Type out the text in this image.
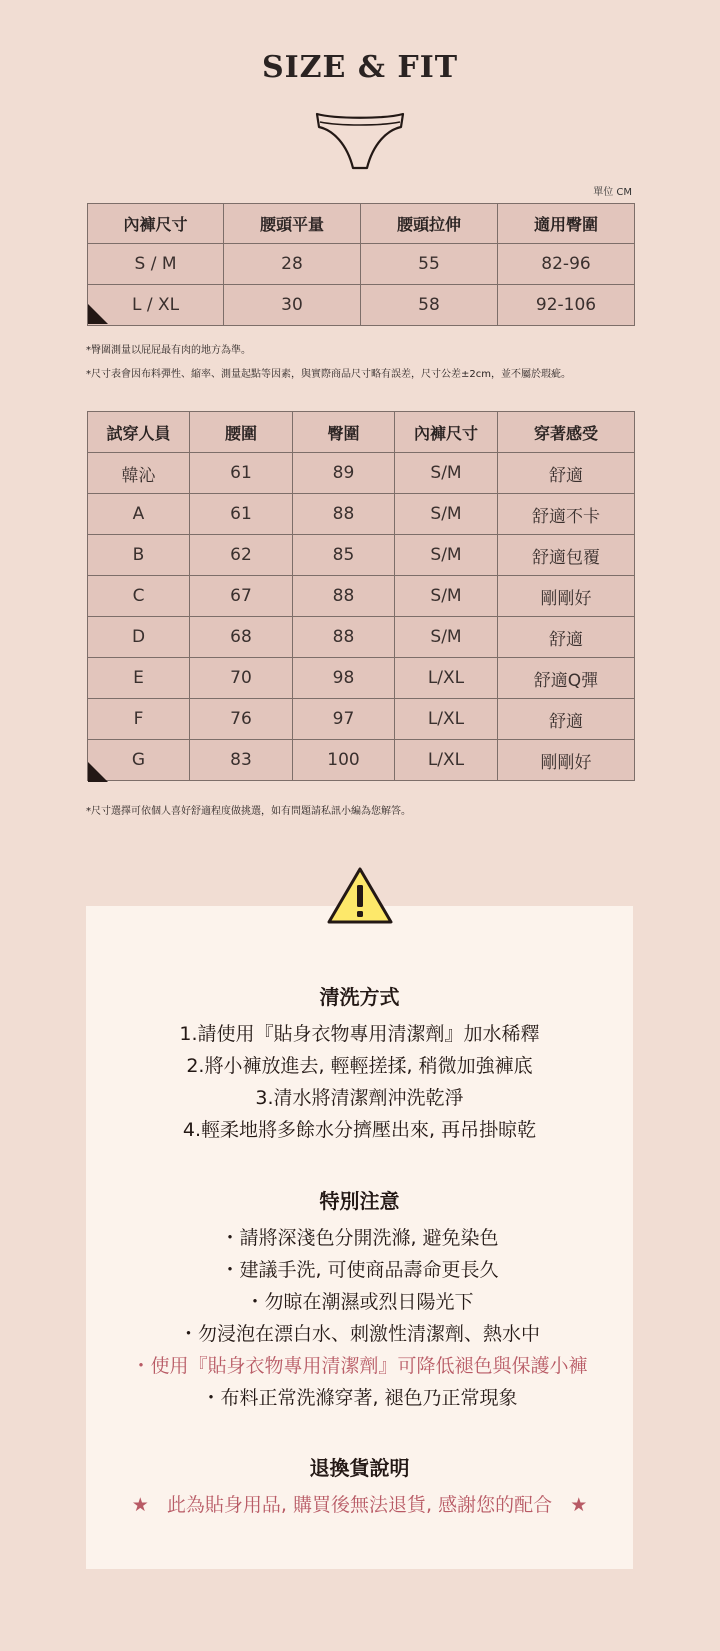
SIZE & FIT
單位 CM
內褲尺寸	腰頭平量	腰頭拉伸	適用臀圍
S / M	28	55	82-96
L / XL	30	58	92-106
*臀圍測量以屁屁最有肉的地方為準。
*尺寸表會因布料彈性、縮率、測量起點等因素，與實際商品尺寸略有誤差，尺寸公差±2cm，並不屬於瑕疵。
試穿人員	腰圍	臀圍	內褲尺寸	穿著感受
韓沁	61	89	S/M	舒適
A	61	88	S/M	舒適不卡
B	62	85	S/M	舒適包覆
C	67	88	S/M	剛剛好
D	68	88	S/M	舒適
E	70	98	L/XL	舒適Q彈
F	76	97	L/XL	舒適
G	83	100	L/XL	剛剛好
*尺寸選擇可依個人喜好舒適程度做挑選，如有問題請私訊小編為您解答。
清洗方式

1.請使用『貼身衣物專用清潔劑』加水稀釋

2.將小褲放進去, 輕輕搓揉, 稍微加強褲底

3.清水將清潔劑沖洗乾淨

4.輕柔地將多餘水分擠壓出來, 再吊掛晾乾

特別注意

・請將深淺色分開洗滌, 避免染色

・建議手洗, 可使商品壽命更長久

・勿晾在潮濕或烈日陽光下

・勿浸泡在漂白水、刺激性清潔劑、熱水中

・使用『貼身衣物專用清潔劑』可降低褪色與保護小褲

・布料正常洗滌穿著, 褪色乃正常現象

退換貨說明

★ 此為貼身用品, 購買後無法退貨, 感謝您的配合 ★
